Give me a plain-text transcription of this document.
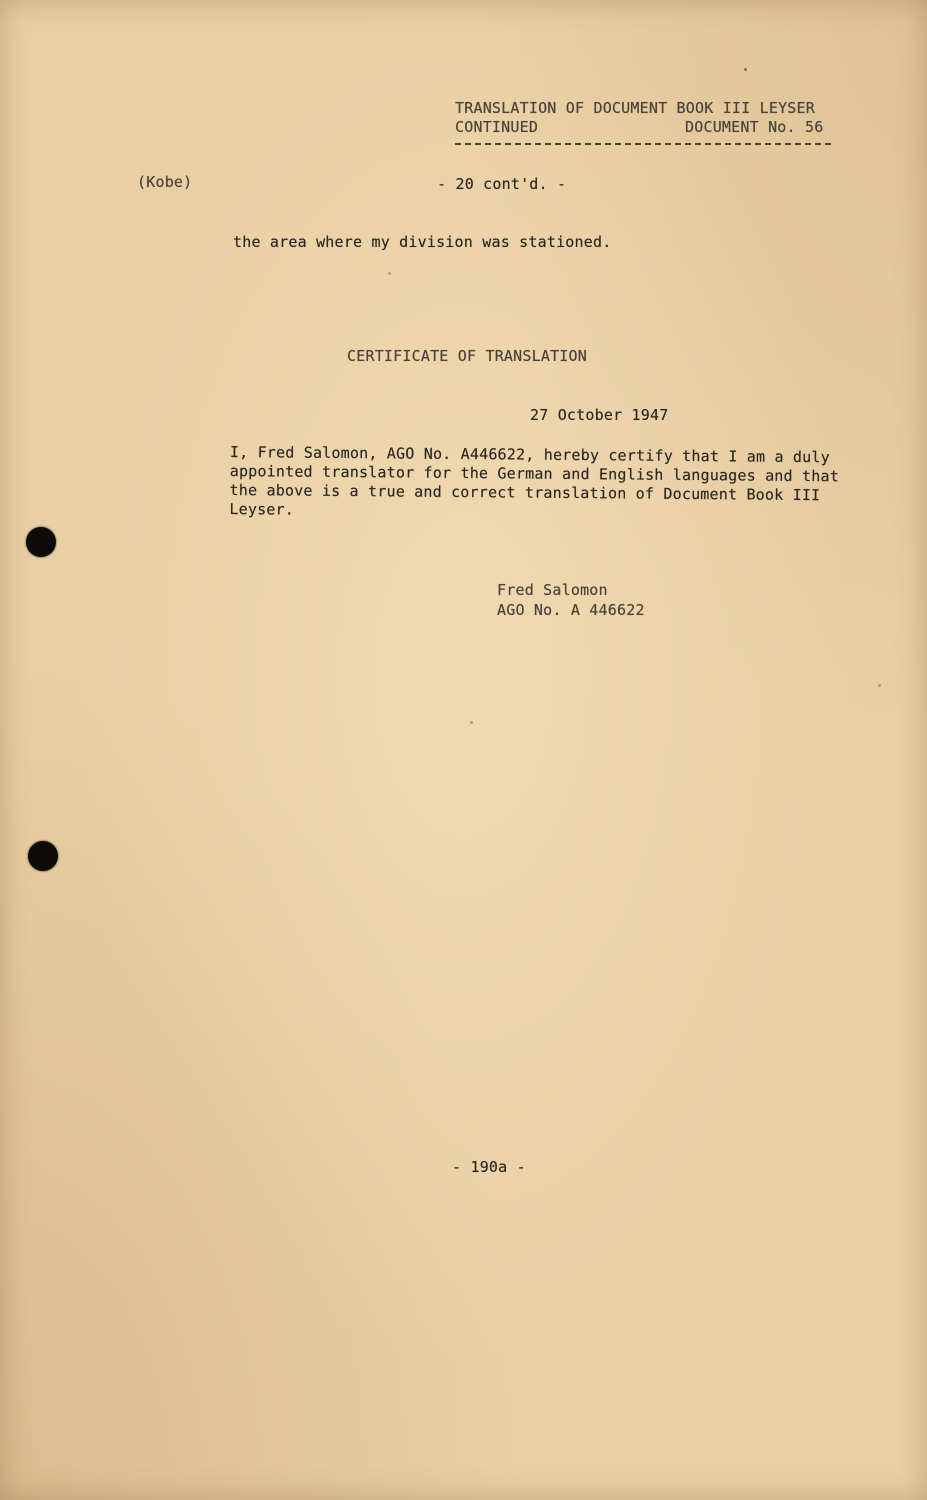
TRANSLATION OF DOCUMENT BOOK III LEYSER
CONTINUED	DOCUMENT No. 56
(Kobe)	- 20 cont'd. -
the area where my division was stationed.
CERTIFICATE OF TRANSLATION
27 October 1947
I, Fred Salomon, AGO No. A446622, hereby certify that I am a duly appointed translator for the German and English languages and that the above is a true and correct translation of Document Book III Leyser.
Fred Salomon
AGO No. A 446622
- 190a -
